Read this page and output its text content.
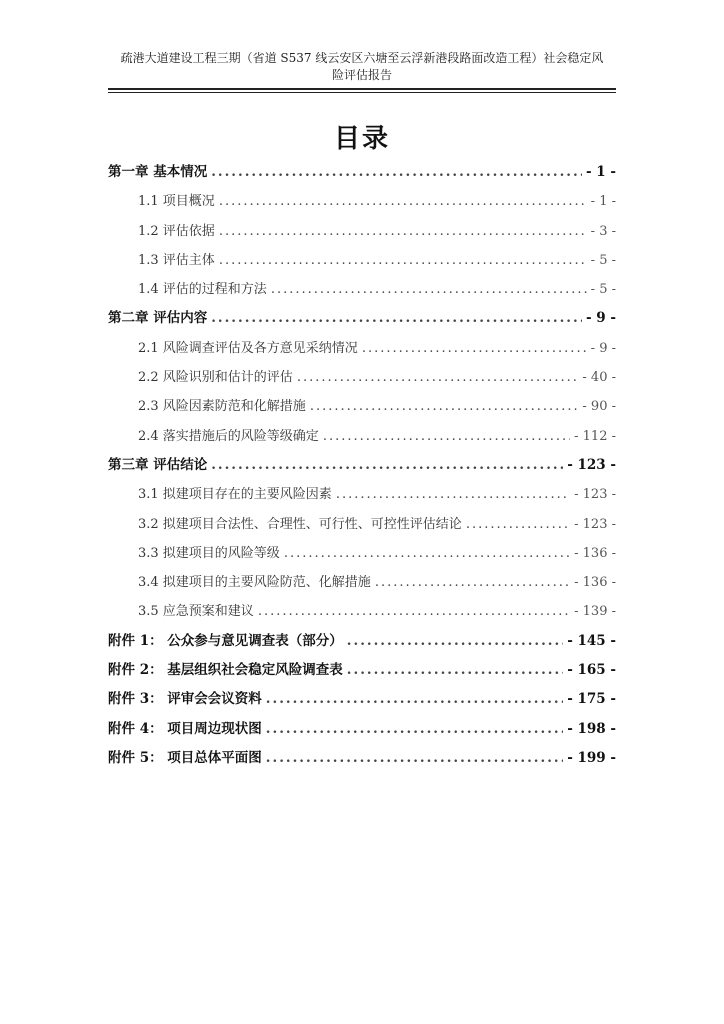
疏港大道建设工程三期（省道 S537 线云安区六塘至云浮新港段路面改造工程）社会稳定风
险评估报告
目录
第一章 基本情况 .....	- 1 -
1.1 项目概况 .....	- 1 -
1.2 评估依据 .....	- 3 -
1.3 评估主体 .....	- 5 -
1.4 评估的过程和方法 .....	- 5 -
第二章 评估内容 .....	- 9 -
2.1 风险调查评估及各方意见采纳情况 .....	- 9 -
2.2 风险识别和估计的评估 .....	- 40 -
2.3 风险因素防范和化解措施 .....	- 90 -
2.4 落实措施后的风险等级确定 .....	- 112 -
第三章 评估结论 .....	- 123 -
3.1 拟建项目存在的主要风险因素 .....	- 123 -
3.2 拟建项目合法性、合理性、可行性、可控性评估结论 .....	- 123 -
3.3 拟建项目的风险等级 .....	- 136 -
3.4 拟建项目的主要风险防范、化解措施 .....	- 136 -
3.5 应急预案和建议 .....	- 139 -
附件 1： 公众参与意见调查表（部分） .....	- 145 -
附件 2： 基层组织社会稳定风险调查表 .....	- 165 -
附件 3： 评审会会议资料 .....	- 175 -
附件 4： 项目周边现状图 .....	- 198 -
附件 5： 项目总体平面图 .....	- 199 -
